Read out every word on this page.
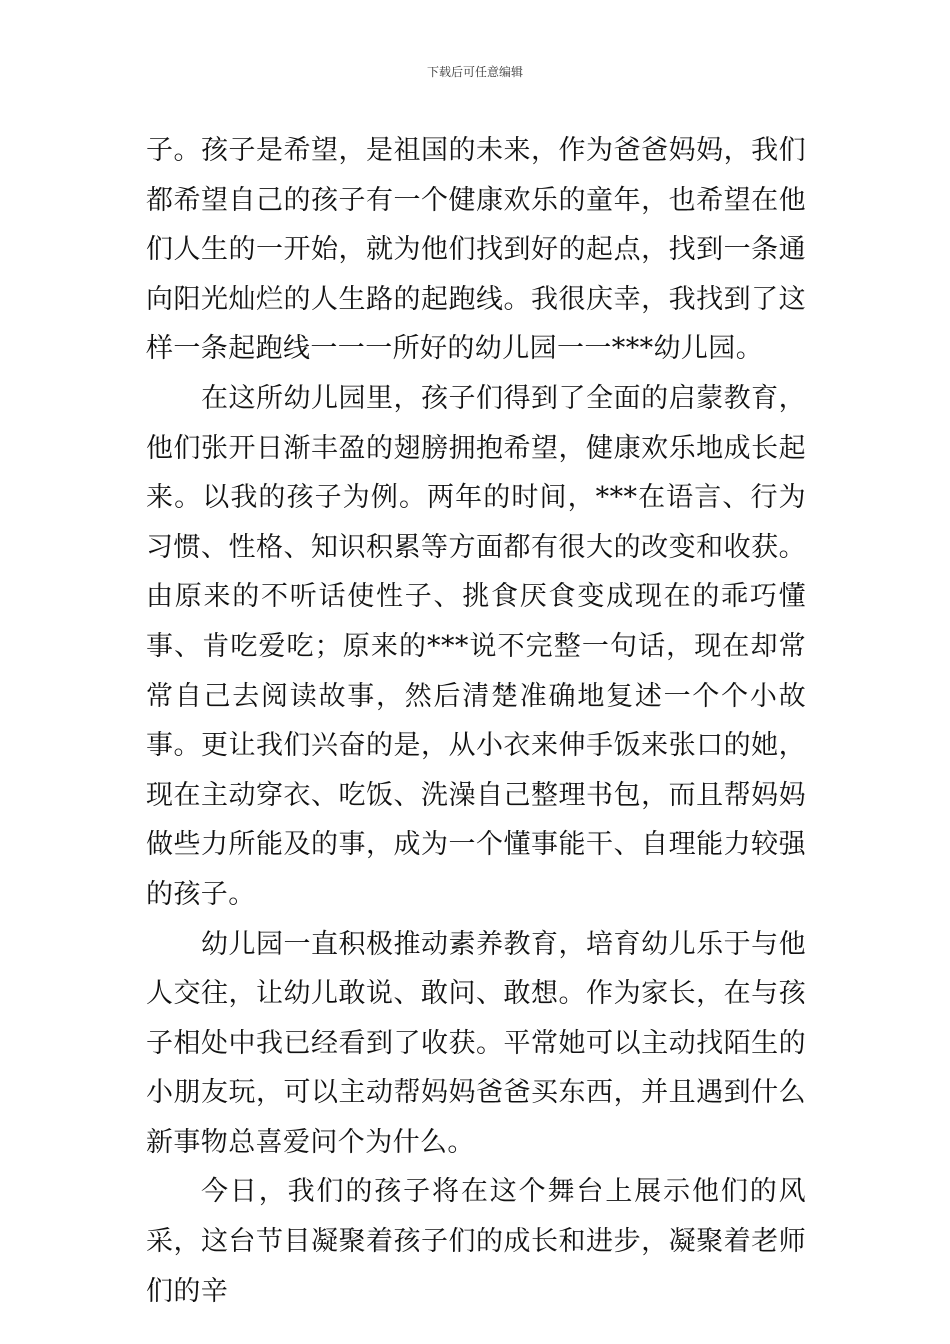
下载后可任意编辑

子。孩子是希望，是祖国的未来，作为爸爸妈妈，我们都希望自己的孩子有一个健康欢乐的童年，也希望在他们人生的一开始，就为他们找到好的起点，找到一条通向阳光灿烂的人生路的起跑线。我很庆幸，我找到了这样一条起跑线一一一所好的幼儿园一一***幼儿园。

在这所幼儿园里，孩子们得到了全面的启蒙教育，他们张开日渐丰盈的翅膀拥抱希望，健康欢乐地成长起来。以我的孩子为例。两年的时间，***在语言、行为习惯、性格、知识积累等方面都有很大的改变和收获。由原来的不听话使性子、挑食厌食变成现在的乖巧懂事、肯吃爱吃；原来的***说不完整一句话，现在却常常自己去阅读故事，然后清楚准确地复述一个个小故事。更让我们兴奋的是，从小衣来伸手饭来张口的她，现在主动穿衣、吃饭、洗澡自己整理书包，而且帮妈妈做些力所能及的事，成为一个懂事能干、自理能力较强的孩子。

幼儿园一直积极推动素养教育，培育幼儿乐于与他人交往，让幼儿敢说、敢问、敢想。作为家长，在与孩子相处中我已经看到了收获。平常她可以主动找陌生的小朋友玩，可以主动帮妈妈爸爸买东西，并且遇到什么新事物总喜爱问个为什么。

今日，我们的孩子将在这个舞台上展示他们的风采，这台节目凝聚着孩子们的成长和进步，凝聚着老师们的辛
